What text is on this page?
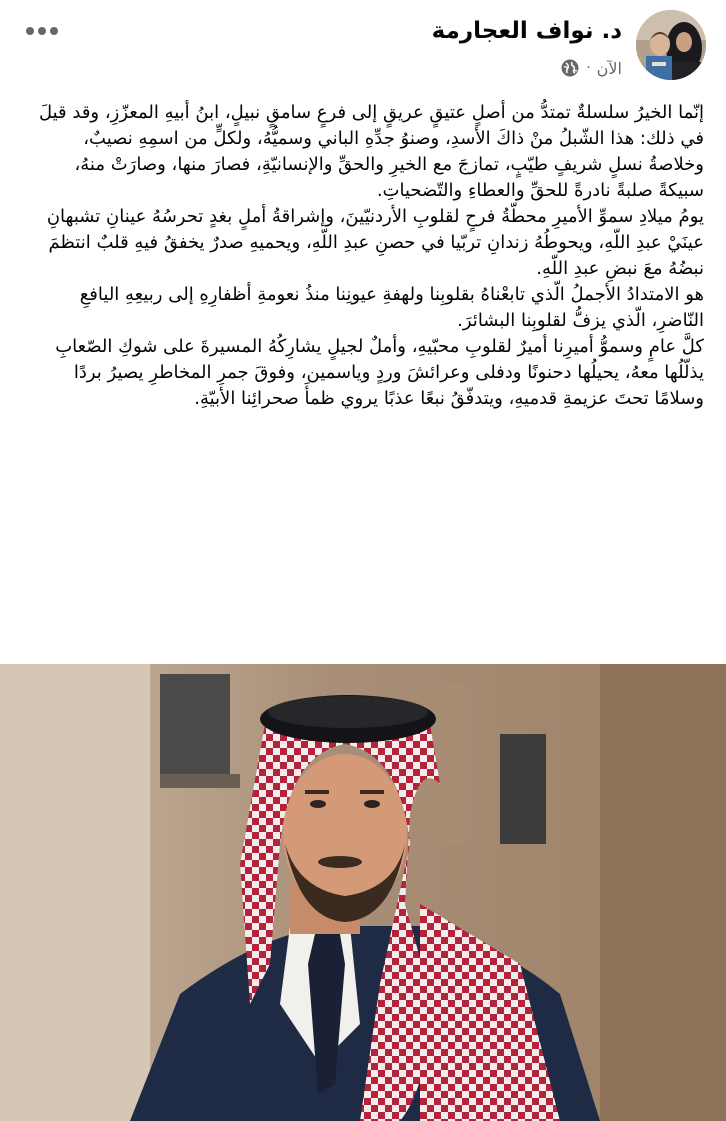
د. نواف العجارمة
الآن
·

إنّما الخيرُ سلسلةٌ تمتدُّ من أصلٍ عتيقٍ عريقٍ إلى فرعٍ سامقٍ نبيلٍ، ابنُ أبيهِ المعزّزِ، وقد قيلَ في ذلك: هذا الشّبلُ منْ ذاكَ الأسدِ، وصنوُ جدِّهِ الباني وسميُّهُ، ولكلٍّ من اسمِهِ نصيبٌ، وخلاصةُ نسلٍ شريفٍ طيّبٍ، تمازجَ مع الخيرِ والحقِّ والإنسانيّةِ، فصارَ منها، وصارَتْ منهُ، سبيكةً صلبةً نادرةً للحقِّ والعطاءِ والتّضحياتِ.

يومُ ميلادِ سموِّ الأميرِ محطّةُ فرحٍ لقلوبِ الأردنيّينَ، وإشراقةُ أملٍ بغدٍ تحرسُهُ عينانِ تشبهانِ عينَيْ عبدِ اللّهِ، ويحوطُهُ زندانِ تربّيا في حصنِ عبدِ اللّهِ، ويحميهِ صدرٌ يخفقُ فيهِ قلبٌ انتظمَ نبضُهُ معَ نبضِ عبدِ اللّهِ.

هو الامتدادُ الأجملُ الّذي تابعْناهُ بقلوبِنا ولهفةِ عيونِنا منذُ نعومةِ أظفارِهِ إلى ربيعِهِ اليافعِ النّاضرِ، الّذي يزفُّ لقلوبِنا البشائرَ.

كلَّ عامٍ وسموُّ أميرِنا أميرٌ لقلوبِ محبّيهِ، وأملٌ لجيلٍ يشارِكُهُ المسيرةَ على شوكِ الصّعابِ يذلّلُها معهُ، يحيلُها دحنونًا ودفلى وعرائشَ وردٍ وياسمين، وفوقَ جمرِ المخاطرِ يصيرُ بردًا وسلامًا تحتَ عزيمةِ قدميهِ، ويتدفّقُ نبعًا عذبًا يروي ظمأَ صحرائِنا الأبيّةِ.
